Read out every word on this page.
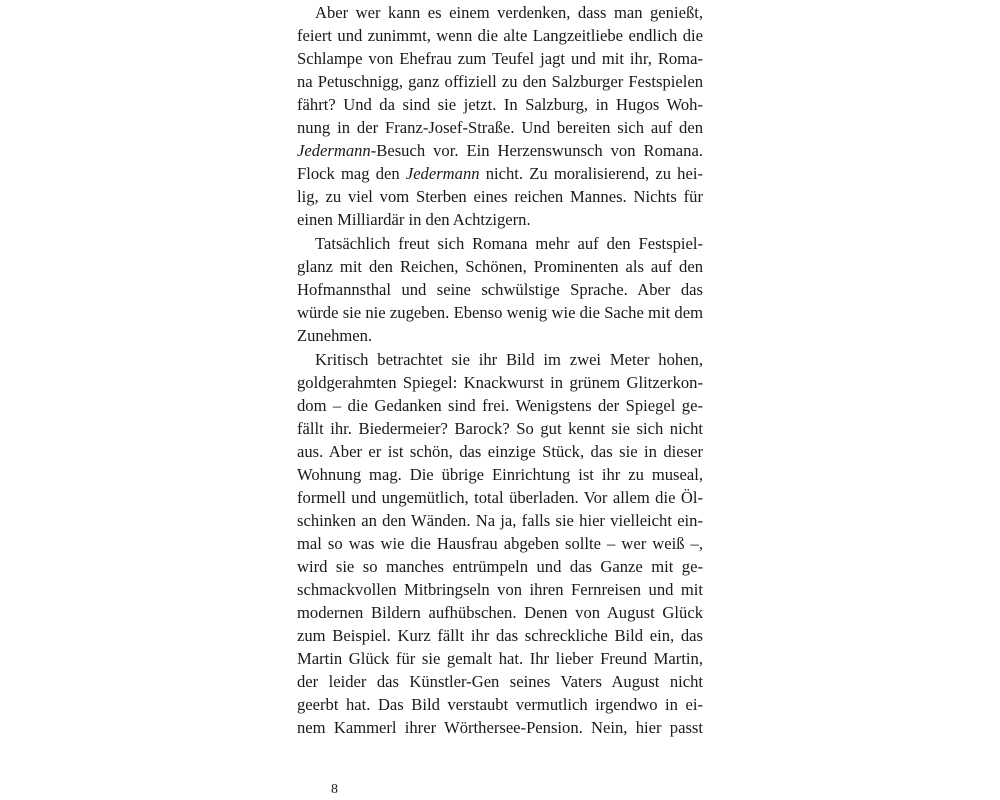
Aber wer kann es einem verdenken, dass man genießt,
feiert und zunimmt, wenn die alte Langzeitliebe endlich die
Schlampe von Ehefrau zum Teufel jagt und mit ihr, Roma-
na Petuschnigg, ganz offiziell zu den Salzburger Festspielen
fährt? Und da sind sie jetzt. In Salzburg, in Hugos Woh-
nung in der Franz-Josef-Straße. Und bereiten sich auf den
Jedermann-Besuch vor. Ein Herzenswunsch von Romana.
Flock mag den Jedermann nicht. Zu moralisierend, zu hei-
lig, zu viel vom Sterben eines reichen Mannes. Nichts für
einen Milliardär in den Achtzigern.
Tatsächlich freut sich Romana mehr auf den Festspiel-
glanz mit den Reichen, Schönen, Prominenten als auf den
Hofmannsthal und seine schwülstige Sprache. Aber das
würde sie nie zugeben. Ebenso wenig wie die Sache mit dem
Zunehmen.
Kritisch betrachtet sie ihr Bild im zwei Meter hohen,
goldgerahmten Spiegel: Knackwurst in grünem Glitzerkon-
dom – die Gedanken sind frei. Wenigstens der Spiegel ge-
fällt ihr. Biedermeier? Barock? So gut kennt sie sich nicht
aus. Aber er ist schön, das einzige Stück, das sie in dieser
Wohnung mag. Die übrige Einrichtung ist ihr zu museal,
formell und ungemütlich, total überladen. Vor allem die Öl-
schinken an den Wänden. Na ja, falls sie hier vielleicht ein-
mal so was wie die Hausfrau abgeben sollte – wer weiß –,
wird sie so manches entrümpeln und das Ganze mit ge-
schmackvollen Mitbringseln von ihren Fernreisen und mit
modernen Bildern aufhübschen. Denen von August Glück
zum Beispiel. Kurz fällt ihr das schreckliche Bild ein, das
Martin Glück für sie gemalt hat. Ihr lieber Freund Martin,
der leider das Künstler-Gen seines Vaters August nicht
geerbt hat. Das Bild verstaubt vermutlich irgendwo in ei-
nem Kammerl ihrer Wörthersee-Pension. Nein, hier passt
8
